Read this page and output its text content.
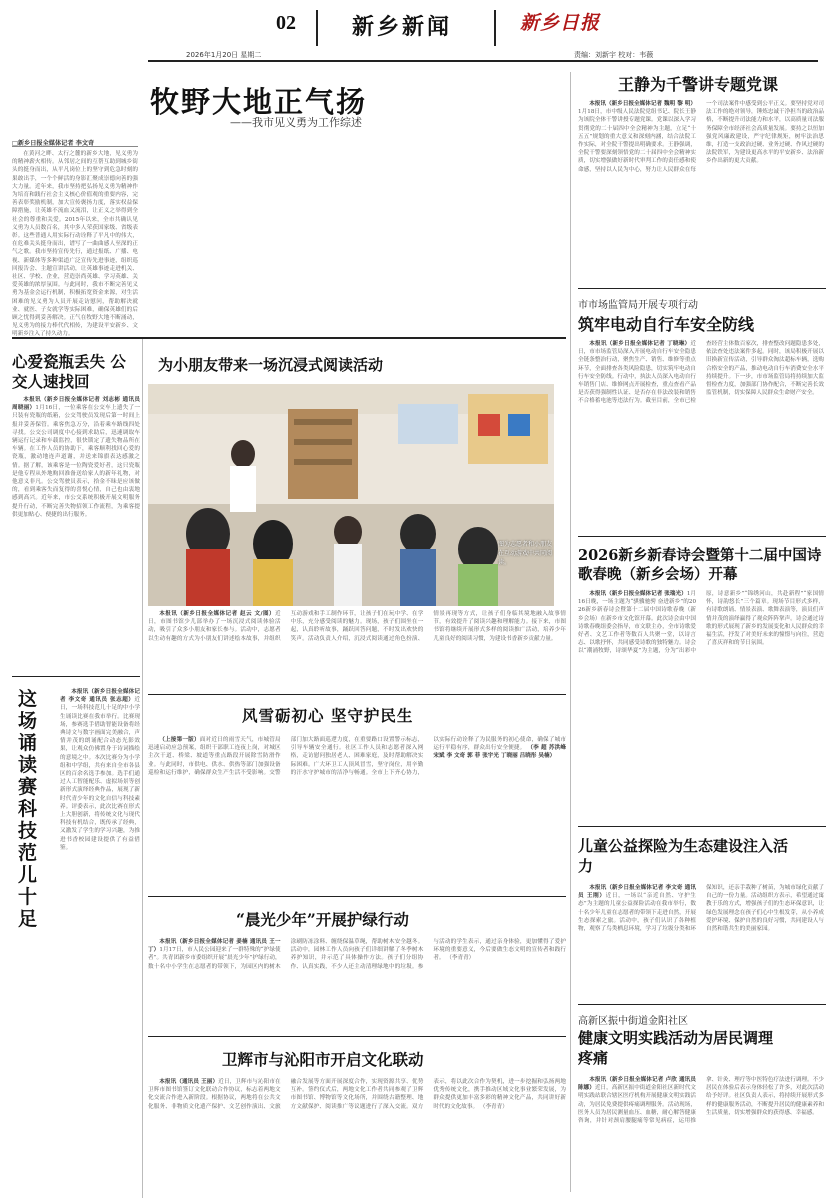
02	新乡新闻	新乡日报
2026年1月20日 星期二	责编：刘新宇 校对：韦薇
牧野大地正气扬
——我市见义勇为工作综述
□新乡日报全媒体记者 李文奇
在黄河之畔、太行之麓的新乡大地，见义勇为的精神薪火相传。从邻居之间的互帮互助到城乡街头的挺身而出，从平凡岗位上的坚守到危急时刻的果敢出手，一个个鲜活的身影汇聚成崇德向善的强大力量。近年来，我市坚持把弘扬见义勇为精神作为培育和践行社会主义核心价值观的重要内容，完善表彰奖励机制，加大宣传褒扬力度，落实权益保障措施，让英雄不流血又流泪，让正义之举得到全社会的尊重和关爱。2015年以来，全市共确认见义勇为人员数百名，其中多人荣获国家级、省级表彰。这些普通人用实际行动诠释了平凡中的伟大，在危难关头挺身而出，谱写了一曲曲感人至深的正气之歌。我市坚持宣传先行，通过报纸、广播、电视、新媒体等多种渠道广泛宣传先进事迹，组织巡回报告会、主题宣讲活动，让英雄事迹走进机关、社区、学校、企业，营造崇尚英雄、学习英雄、关爱英雄的浓厚氛围。与此同时，我市不断完善见义勇为基金会运行机制，积极拓宽资金来源，对生活困难的见义勇为人员开展走访慰问，帮助解决就业、就医、子女就学等实际困难，确保英雄们的后顾之忧得到妥善解决。正气在牧野大地不断涌动，见义勇为的接力棒代代相传，为建设平安新乡、文明新乡注入了持久动力。
心爱瓷瓶丢失 公交人速找回
本报讯（新乡日报全媒体记者 刘志彬 通讯员 周晓丽）1月16日，一位乘客在公交车上遗失了一只装有瓷瓶的纸箱，公交驾驶员发现后第一时间上报并妥善保管。乘客焦急万分，沿着乘车路线四处寻找。公交公司调度中心接到求助后，迅速调取车辆运行记录和车载监控，很快锁定了遗失物品所在车辆。在工作人员的协助下，乘客顺利找回心爱的瓷瓶，激动地连声道谢，并送来锦旗表达感激之情。据了解，该乘客是一位陶瓷爱好者，这只瓷瓶是他专程从外地购回准备送给家人的新年礼物，对他意义非凡。公交驾驶员表示，拾金不昧是应该做的，看到乘客失而复得的喜悦心情，自己也由衷地感到高兴。近年来，市公交系统积极开展文明服务提升行动，不断完善失物招领工作流程，为乘客提供更加贴心、便捷的出行服务。
这场诵读赛科技范儿十足
本报讯（新乡日报全媒体记者 李文奇 通讯员 张志超）近日，一场科技范儿十足的中小学生诵读比赛在我市举行。比赛现场，参赛选手借助智能设备将经典诗文与数字画面完美融合，声情并茂的朗诵配合动态光影效果，让观众仿佛置身于诗词描绘的意境之中。本次比赛分为小学组和中学组，共有来自全市各县区的百余名选手参加。选手们通过人工智能配乐、虚拟场景等创新形式演绎经典作品，展现了新时代青少年的文化自信与科技素养。评委表示，此次比赛在形式上大胆创新，将传统文化与现代科技有机结合，既传承了经典，又激发了学生的学习兴趣，为推进书香校园建设提供了有益借鉴。
为小朋友带来一场沉浸式阅读活动
图为志愿者和小朋友在互动游戏中共同阅读。
本报讯（新乡日报全媒体记者 赵云 文/图）近日，市图书馆少儿部举办了一场沉浸式阅读体验活动，吸引了众多小朋友和家长参与。活动中，志愿者以生动有趣的方式为小朋友们讲述绘本故事，并组织互动游戏和手工制作环节，让孩子们在玩中学、在学中乐，充分感受阅读的魅力。现场，孩子们围坐在一起，认真聆听故事，踊跃回答问题，不时发出欢快的笑声。活动负责人介绍，沉浸式阅读通过角色扮演、情景再现等方式，让孩子们身临其境地融入故事情节，有效提升了阅读兴趣和理解能力。接下来，市图书馆将继续开展形式多样的阅读推广活动，培养少年儿童良好的阅读习惯，为建设书香新乡贡献力量。
风雪砺初心 坚守护民生
（上接第一版）面对近日的雨雪天气，市城管局迅速启动应急预案，组织干部职工连夜上岗，对城区主次干道、桥梁、坡道等重点路段开展除雪防滑作业。与此同时，市供电、供水、供热等部门加强设备巡检和运行维护，确保群众生产生活不受影响。交警部门加大路面巡逻力度，在重要路口设置警示标志，引导车辆安全通行。社区工作人员和志愿者深入网格，走访慰问独居老人、困难家庭，及时帮助解决实际困难。广大环卫工人顶风冒雪，坚守岗位，用辛勤的汗水守护城市的洁净与畅通。全市上下齐心协力，以实际行动诠释了为民服务的初心使命，确保了城市运行平稳有序，群众出行安全便捷。 （李 超 苏洪峰 宋斌 李 文奇 郭 菲 张宇光 丁晓丽 吕晓彤 吴楠）
“晨光少年”开展护绿行动
本报讯（新乡日报全媒体记者 姜楠 通讯员 王一丁）1月17日，市人民公园迎来了一群特殊的“护绿使者”。共青团新乡市委组织开展“晨光少年”护绿行动，数十名中小学生在志愿者的带领下，为园区内的树木涂刷防冻涂料、缠绕保温草绳，帮助树木安全越冬。活动中，园林工作人员向孩子们详细讲解了冬季树木养护知识，并示范了具体操作方法。孩子们分组协作、认真实践，不少人还主动清理绿地中的垃圾。参与活动的学生表示，通过亲身体验，更加懂得了爱护环境的重要意义，今后要做生态文明的宣传者和践行者。 （李青青）
卫辉市与沁阳市开启文化联动
本报讯（通讯员 王丽）近日，卫辉市与沁阳市在卫辉市图书馆签订文化联动合作协议，标志着两地文化交流合作进入新阶段。根据协议，两地将在公共文化服务、非物质文化遗产保护、文艺创作演出、文旅融合发展等方面开展深度合作，实现资源共享、优势互补。签约仪式后，两地文化工作者共同参观了卫辉市图书馆、博物馆等文化场所，并围绕古籍整理、地方文献保护、阅读推广等议题进行了深入交流。双方表示，将以此次合作为契机，进一步挖掘和弘扬两地优秀传统文化，携手推动区域文化事业繁荣发展，为群众提供更加丰富多彩的精神文化产品，共同讲好新时代的文化故事。 （李青青）
王静为千警讲专题党课
本报讯（新乡日报全媒体记者 魏明 黎 明）1月18日，市中级人民法院党组书记、院长王静为该院全体干警讲授专题党课。党课以深入学习贯彻党的二十届四中全会精神为主题，立足“十五五”规划的重大意义和深刻内涵，结合法院工作实际，对全院干警提出明确要求。王静强调，全院干警要深刻领悟党的二十届四中全会精神实质，切实增强做好新时代审判工作的责任感和使命感，坚持以人民为中心，努力让人民群众在每一个司法案件中感受到公平正义。要坚持党对司法工作的绝对领导，锤炼忠诚干净担当的政治品格，不断提升司法能力和水平，以高质量司法服务保障全市经济社会高质量发展。要持之以恒加强党风廉政建设，严守纪律规矩，树牢法治思维，打造一支政治过硬、业务过硬、作风过硬的法院铁军，为建设更高水平的平安新乡、法治新乡作出新的更大贡献。
市市场监管局开展专项行动
筑牢电动自行车安全防线
本报讯（新乡日报全媒体记者 丁晓琳）近日，市市场监管局深入开展电动自行车安全隐患全链条整治行动，聚焦生产、销售、维修等重点环节，全面排查各类风险隐患，切实筑牢电动自行车安全防线。行动中，执法人员深入电动自行车销售门店、维修网点开展检查，重点查看产品是否获得强制性认证、是否存在非法改装和销售不合格蓄电池等违法行为。截至目前，全市已检查经营主体数百家次，排查整改问题隐患多处，依法查处违法案件多起。同时，该局积极开展以旧换新宣传活动，引导群众淘汰超标车辆，选购合格安全的产品，推动电动自行车消费安全水平持续提升。下一步，市市场监管局将持续加大监督检查力度，加强部门协作配合，不断完善长效监管机制，切实保障人民群众生命财产安全。
2026新乡新春诗会暨第十二届中国诗歌春晚（新乡会场）开幕
本报讯（新乡日报全媒体记者 张瑞光）1月16日晚，一场主题为“骐骥驰骋 奋进新乡”的2026新乡新春诗会暨第十二届中国诗歌春晚（新乡会场）在新乡市文化馆开幕。此次诗会由中国诗歌春晚组委会指导，市文联主办，全市诗歌爱好者、文艺工作者等数百人共聚一堂，以诗言志、以歌抒怀，共同感受诗歌的独特魅力。诗会以“潮涌牧野，诗颂华夏”为主题，分为“出彩中原，诗意新乡”“锦绣河山，共赴新程”“家国情怀，诗韵悠长”三个篇章。现场节目形式多样，有诗歌朗诵、情景表演、歌舞表演等，演员们声情并茂的演绎赢得了观众阵阵掌声。诗会通过诗歌的形式展现了新乡的发展变化和人民群众的幸福生活，抒发了对美好未来的憧憬与向往，营造了喜庆祥和的节日氛围。
儿童公益探险为生态建设注入活力
本报讯（新乡日报全媒体记者 李文奇 通讯员 王刚）近日，一场以“亲近自然、守护生态”为主题的儿童公益探险活动在我市举行，数十名少年儿童在志愿者的带领下走进自然，开展生态探索之旅。活动中，孩子们认识了各种植物，观察了鸟类栖息环境，学习了垃圾分类和环保知识，还亲手栽种了树苗，为城市绿化贡献了自己的一份力量。活动组织方表示，希望通过寓教于乐的方式，增强孩子们的生态环保意识，让绿色发展理念在孩子们心中生根发芽，从小养成爱护环境、保护自然的良好习惯，共同建设人与自然和谐共生的美丽家园。
高新区振中街道金阳社区
健康文明实践活动为居民调理疼痛
本报讯（新乡日报全媒体记者 卢欣 通讯员 陈娜）近日，高新区振中街道金阳社区新时代文明实践站联合辖区医疗机构开展健康文明实践活动，为居民免费提供疼痛调理服务。活动现场，医务人员为居民测量血压、血糖，耐心解答健康咨询，并针对颈肩腰腿痛等常见病症，运用推拿、针灸、理疗等中医特色疗法进行调理。不少居民在体验后表示身体轻松了许多，对此次活动给予好评。社区负责人表示，将持续开展形式多样的健康服务活动，不断提升居民的健康素养和生活质量，切实增强群众的获得感、幸福感。
